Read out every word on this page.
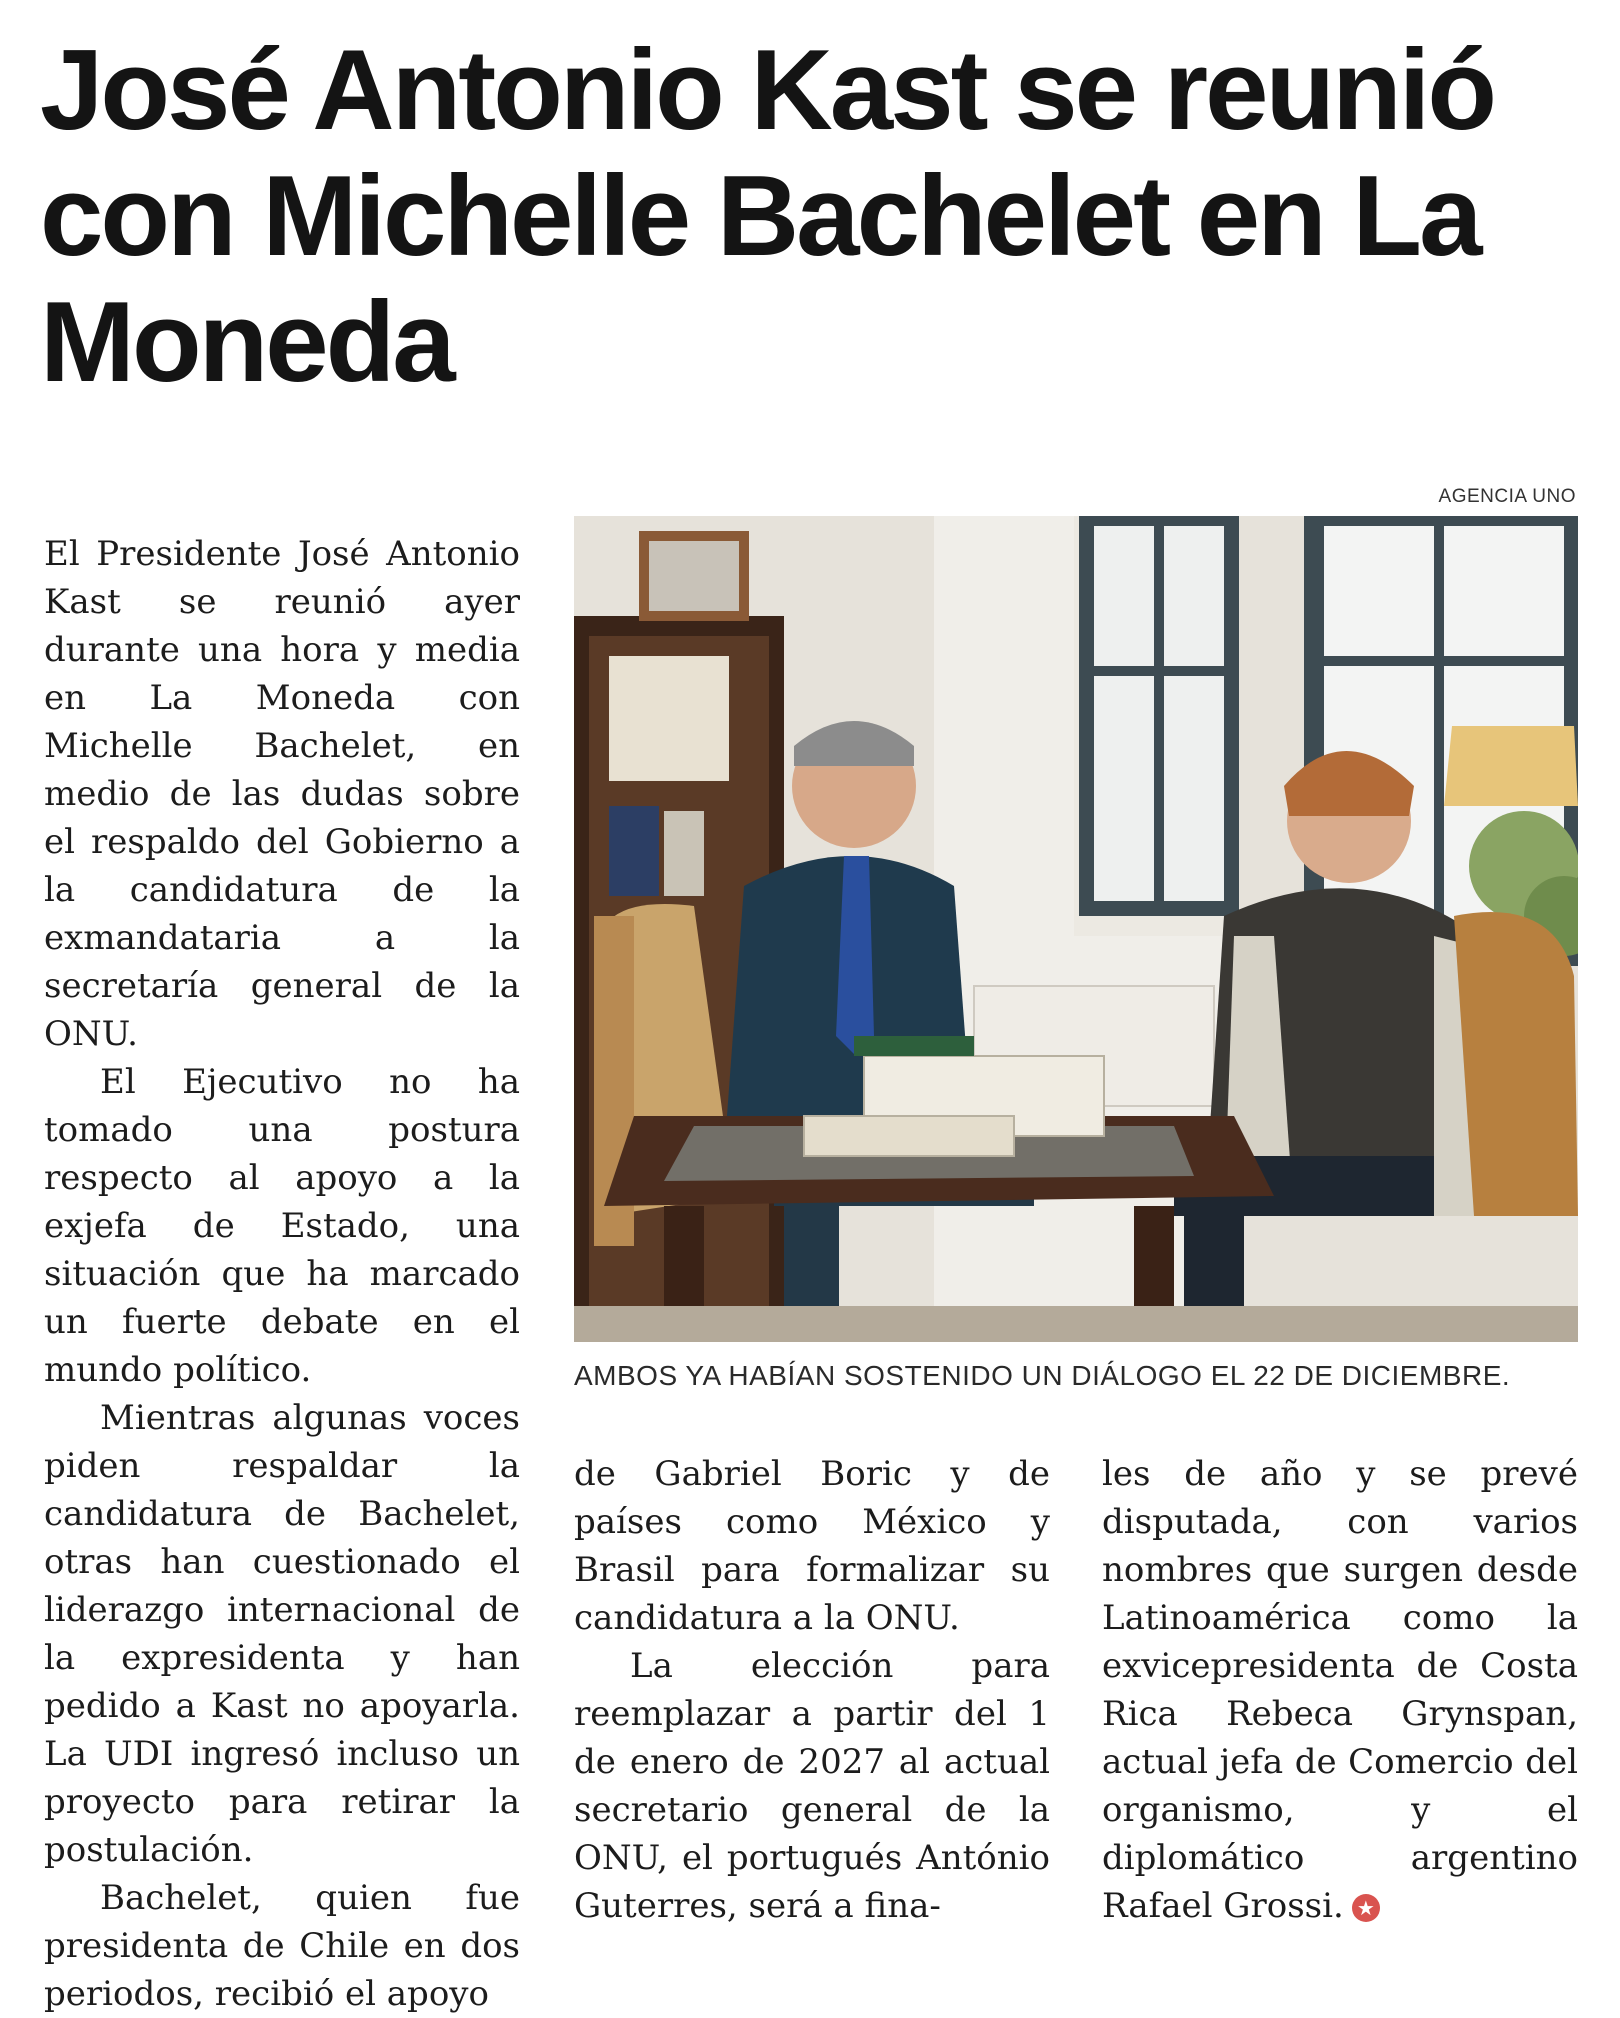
José Antonio Kast se reunió con Michelle Bachelet en La Moneda

El Presidente José Antonio Kast se reunió ayer durante una hora y media en La Moneda con Michelle Bachelet, en medio de las dudas sobre el respaldo del Gobierno a la candidatura de la exmandataria a la secretaría general de la ONU.

El Ejecutivo no ha tomado una postura respecto al apoyo a la exjefa de Estado, una situación que ha marcado un fuerte debate en el mundo político.

Mientras algunas voces piden respaldar la candidatura de Bachelet, otras han cuestionado el liderazgo internacional de la expresidenta y han pedido a Kast no apoyarla. La UDI ingresó incluso un proyecto para retirar la postulación.

Bachelet, quien fue presidenta de Chile en dos periodos, recibió el apoyo

AGENCIA UNO
AMBOS YA HABÍAN SOSTENIDO UN DIÁLOGO EL 22 DE DICIEMBRE.

de Gabriel Boric y de países como México y Brasil para formalizar su candidatura a la ONU.

La elección para reemplazar a partir del 1 de enero de 2027 al actual secretario general de la ONU, el portugués António Guterres, será a fina-

les de año y se prevé disputada, con varios nombres que surgen desde Latinoamérica como la exvicepresidenta de Costa Rica Rebeca Grynspan, actual jefa de Comercio del organismo, y el diplomático argentino Rafael Grossi. ★
